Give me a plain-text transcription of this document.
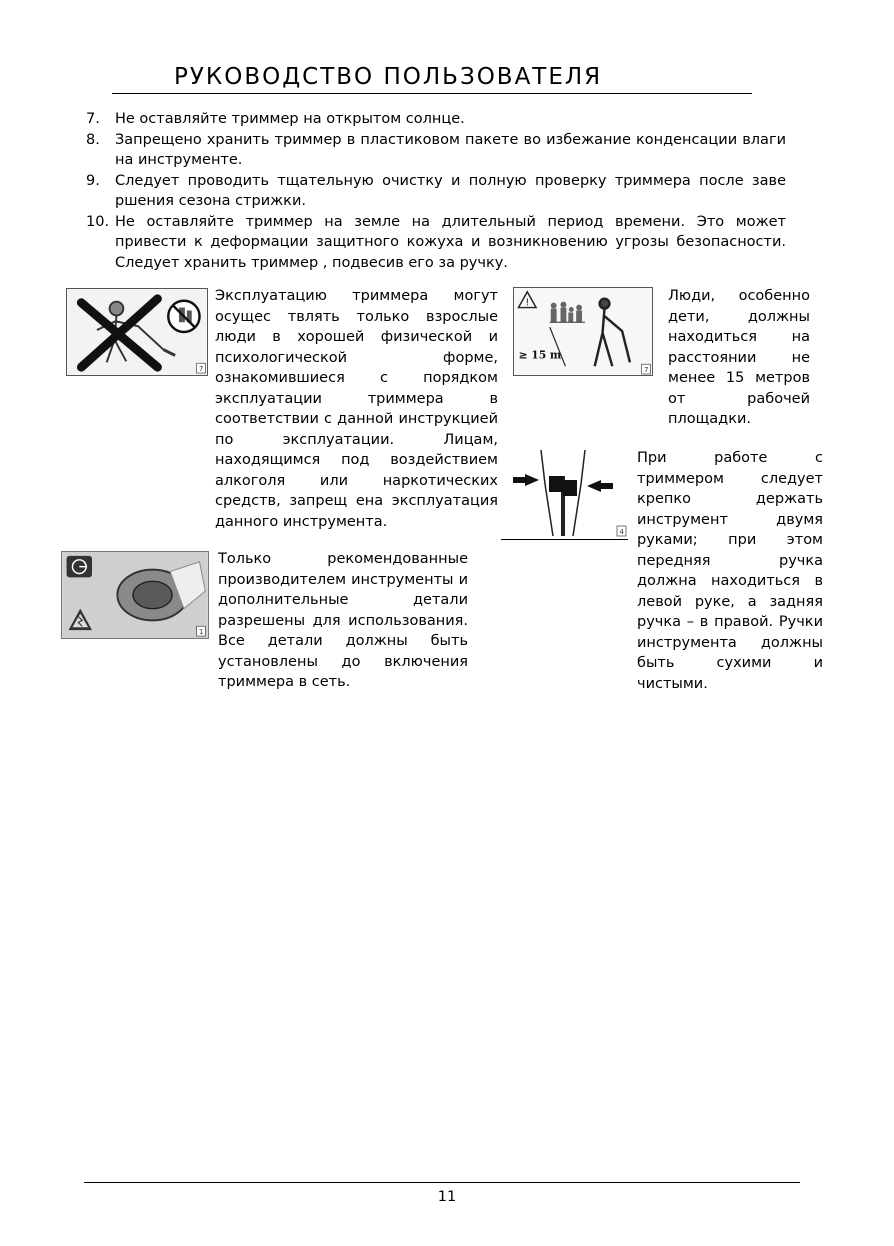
РУКОВОДСТВО ПОЛЬЗОВАТЕЛЯ
7. Не оставляйте триммер на открытом солнце.
8. Запрещено хранить триммер в пластиковом пакете во избежание конденсации влаги на инструменте.
9. Следует проводить тщательную очистку и полную проверку триммера после заве ршения сезона стрижки.
10. Не оставляйте триммер на земле на длительный период времени. Это может привести к деформации защитного кожуха и возникновению угрозы безопасности. Следует хранить триммер , подвесив его за ручку.
7
!
≥ 15 m
7
4
1
Эксплуатацию триммера могут осущес твлять только взрослые люди в хорошей физической и психологической форме, ознакомившиеся с порядком эксплуатации триммера в соответствии с данной инструкцией по эксплуатации. Лицам, находящимся под воздействием алкоголя или наркотических средств, запрещ ена эксплуатация данного инструмента.
Только рекомендованные производителем инструменты и дополнительные детали разрешены для использования. Все детали должны быть установлены до включения триммера в сеть.
Люди, особенно дети, должны находиться на расстоянии не менее 15 метров от рабочей площадки.
При работе с триммером следует крепко держать инструмент двумя руками; при этом передняя ручка должна находиться в левой руке, а задняя ручка – в правой. Ручки инструмента должны быть сухими и чистыми.
11
